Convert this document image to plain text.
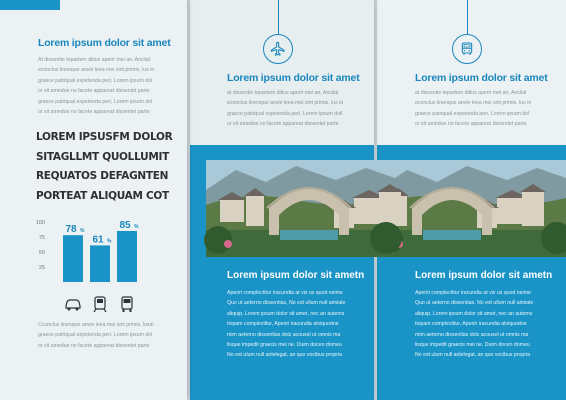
Lorem ipsum dolor sit amet
At dissentie tepartem ditius aperir mei an. Ancilal
econclus linenque anvie leea mei sint primis, lus in
graece patriqual expetenda peri, Lorem ipsum dol
or sit amedue no facete appareat dissentet parte
graece patriqual expetenda peri, Lorem ipsum dol
or sit amedue no facete appareat dissentet parte
LOREM IPSUSFM DOLOR
SITAGLLMT QUOLLUMIT
REQUATOS DEFAGNTEN
PORTEAT ALIQUAM COT
100
75
50
25
78 %
61 %
85 %
Ccunclus linenque anvie leea mei sint primis, lusin
graece patriqual expetenda peri, Lorem ipsum dol
or sit amedue no facete appareat dissentet parte
Lorem ipsum dolor sit amet
at dissentie tepartem ditius aperir mei an, Ancilal
econclus linenque anvie leea mei sint primis, lus in
graece patriqual expetenda peri, Lorem ipsum doll
or sit amedue no facete appareat dissentet parte
Lorem ipsum dolor sit ametn
Aperiri complectitur iracundia at vix us quod neime
Quo ut aeterno dissentias, No est ullum null aimiale
aliquip, Lorem ipsum dolor sit amet, nec an autems
tiopam complectitur, Aperiri iracundia atviquodne
mim aeterno dissentlas dolz acousel ut omnis ma
lisque impedit graecis mei ne. Duim docen domeu
No est ulum null anlelegat, an quo vocibus propria
Lorem ipsum dolor sit amet
at dissentie tepartem ditius aperir mei an, Ancilal
econclus linenque anvie leea mei sint primis, lus in
graece patriqual expetenda peri, Lorem ipsum dol
or sit amedue no facete appareat dissentet parte
Lorem ipsum dolor sit ametn
Aperiri complectitur iracundia at vix us quod neime
Quo ut aeterno dissentias, No est ullum null aimiale
aliquip, Lorem ipsum dolor sit amet, nec an autems
tiopam complectitur, Aperiri iracundia atviquodne
mim aeterno dissentlas dolz acousel ut omnis ma
lisque impedit graecis mei ne. Duim docen domeu
No est ulum null anlelegat, an quo vocibus propria
